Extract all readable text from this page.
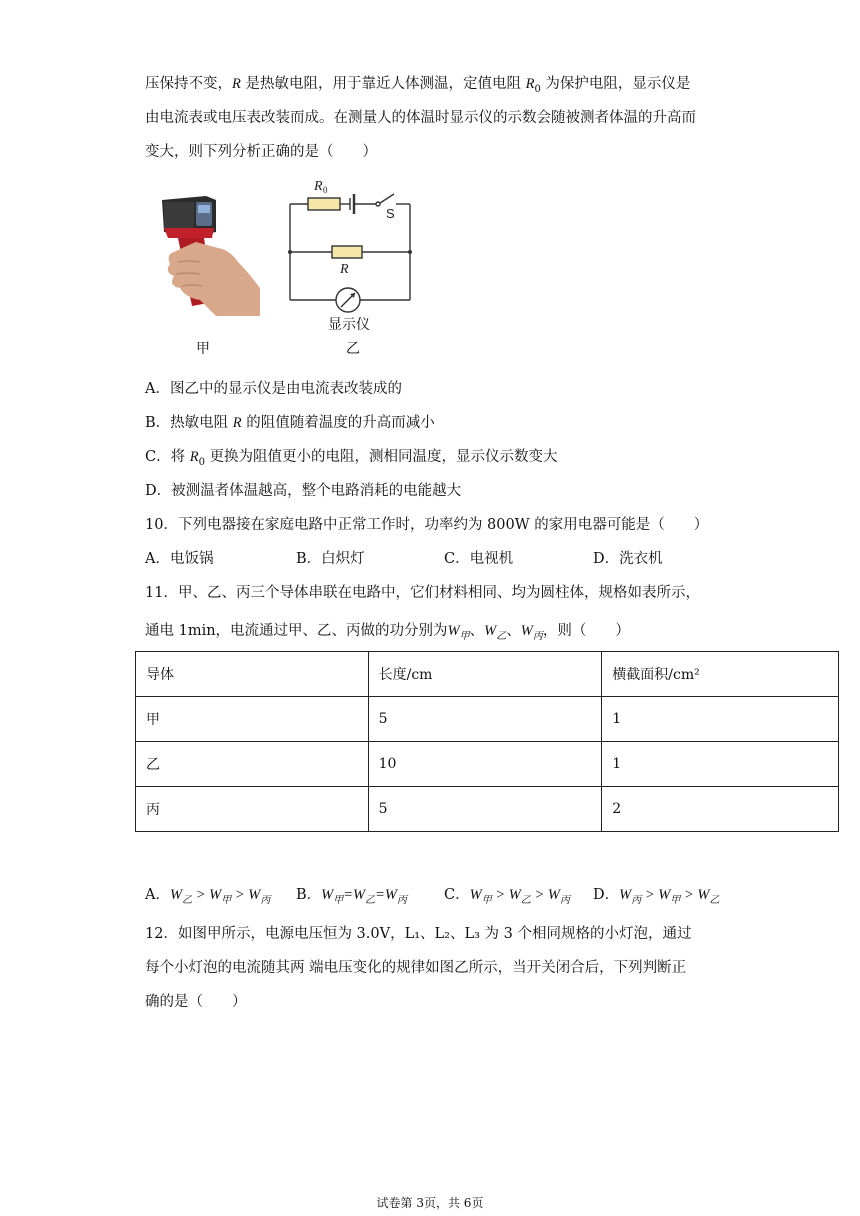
压保持不变，R 是热敏电阻，用于靠近人体测温，定值电阻 $R_0$ 为保护电阻，显示仪是
由电流表或电压表改装而成。在测量人的体温时显示仪的示数会随被测者体温的升高而
变大，则下列分析正确的是（　　）
R 0
S
R
显示仪
甲	乙
A．图乙中的显示仪是由电流表改装成的
B．热敏电阻 R 的阻值随着温度的升高而减小
C．将 $R_0$ 更换为阻值更小的电阻，测相同温度，显示仪示数变大
D．被测温者体温越高，整个电路消耗的电能越大
10．下列电器接在家庭电路中正常工作时，功率约为 800W 的家用电器可能是（　　）
A．电饭锅	B．白炽灯	C．电视机	D．洗衣机
11．甲、乙、丙三个导体串联在电路中，它们材料相同、均为圆柱体，规格如表所示，
通电 1min，电流通过甲、乙、丙做的功分别为$W_甲$、$W_乙$、$W_丙$，则（　　）
导体	长度/cm	横截面积/cm²
甲	5	1
乙	10	1
丙	5	2
A．$W_乙 > W_甲 > W_丙$ B．$W_甲=W_乙=W_丙$	C．$W_甲 > W_乙 > W_丙$ D．$W_丙 > W_甲 > W_乙$
12．如图甲所示，电源电压恒为 3.0V，L₁、L₂、L₃ 为 3 个相同规格的小灯泡，通过
每个小灯泡的电流随其两 端电压变化的规律如图乙所示，当开关闭合后，下列判断正
确的是（　　）
试卷第 3页，共 6页
